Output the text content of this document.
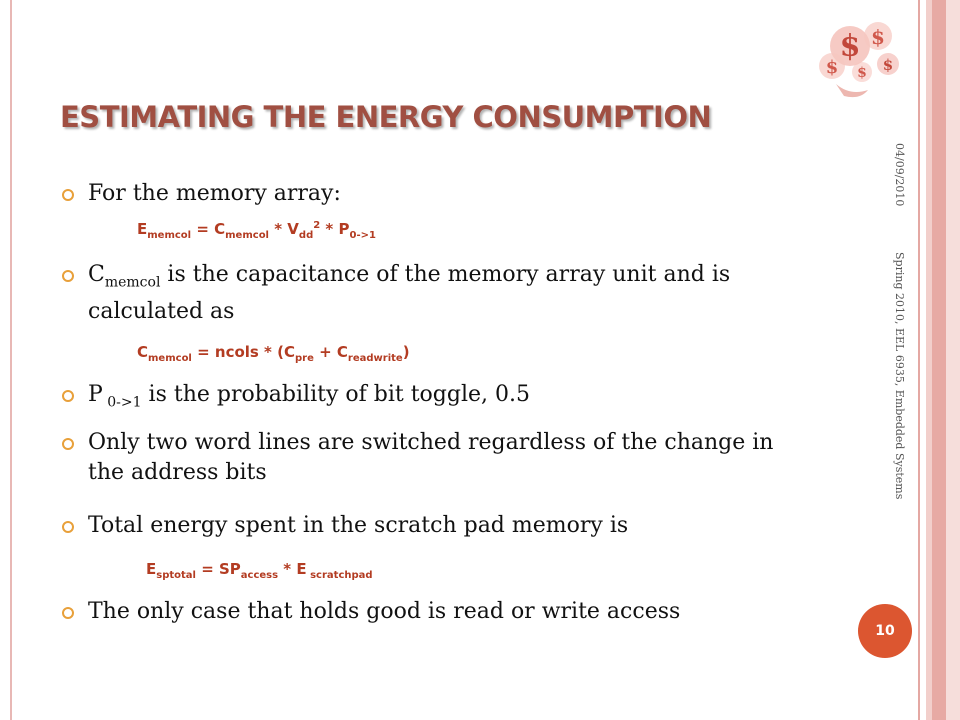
$ $
$	$
$
ESTIMATING THE ENERGY CONSUMPTION
04/09/2010
Spring 2010, EEL 6935, Embedded Systems
10

For the memory array:

$E_{memcol} = C_{memcol} * V_{dd}^2 * P_{0->1}$

$C_{memcol}$ is the capacitance of the memory array unit and is calculated as

$C_{memcol}$ = ncols * $(C_{pre} + C_{readwrite})$

P $_{0->1}$ is the probability of bit toggle, 0.5

Only two word lines are switched regardless of the change in the address bits

Total energy spent in the scratch pad memory is

$E_{sptotal} = SP_{access} * E$ $_{scratchpad}$

The only case that holds good is read or write access
